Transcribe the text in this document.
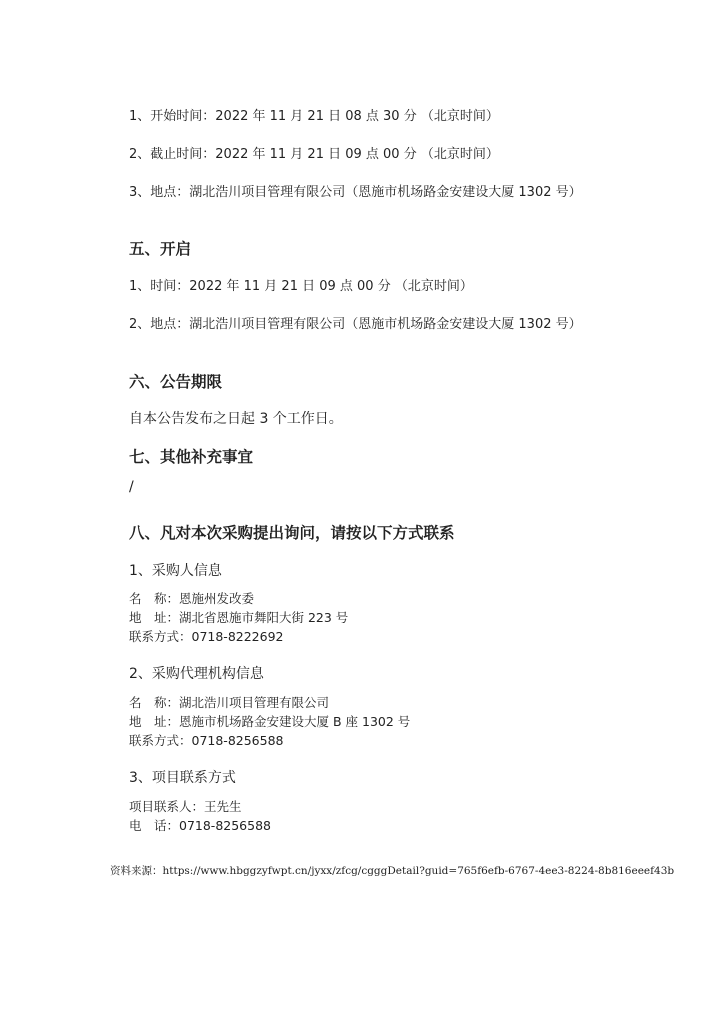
1、开始时间：2022 年 11 月 21 日 08 点 30 分 （北京时间）
2、截止时间：2022 年 11 月 21 日 09 点 00 分 （北京时间）
3、地点：湖北浩川项目管理有限公司（恩施市机场路金安建设大厦 1302 号）
五、开启
1、时间：2022 年 11 月 21 日 09 点 00 分 （北京时间）
2、地点：湖北浩川项目管理有限公司（恩施市机场路金安建设大厦 1302 号）
六、公告期限
自本公告发布之日起 3 个工作日。
七、其他补充事宜
/
八、凡对本次采购提出询问，请按以下方式联系
1、采购人信息
名　称：恩施州发改委
地　址：湖北省恩施市舞阳大街 223 号
联系方式：0718-8222692
2、采购代理机构信息
名　称：湖北浩川项目管理有限公司
地　址：恩施市机场路金安建设大厦 B 座 1302 号
联系方式：0718-8256588
3、项目联系方式
项目联系人：王先生
电　话：0718-8256588
资料来源：https://www.hbggzyfwpt.cn/jyxx/zfcg/cgggDetail?guid=765f6efb-6767-4ee3-8224-8b816eeef43b
